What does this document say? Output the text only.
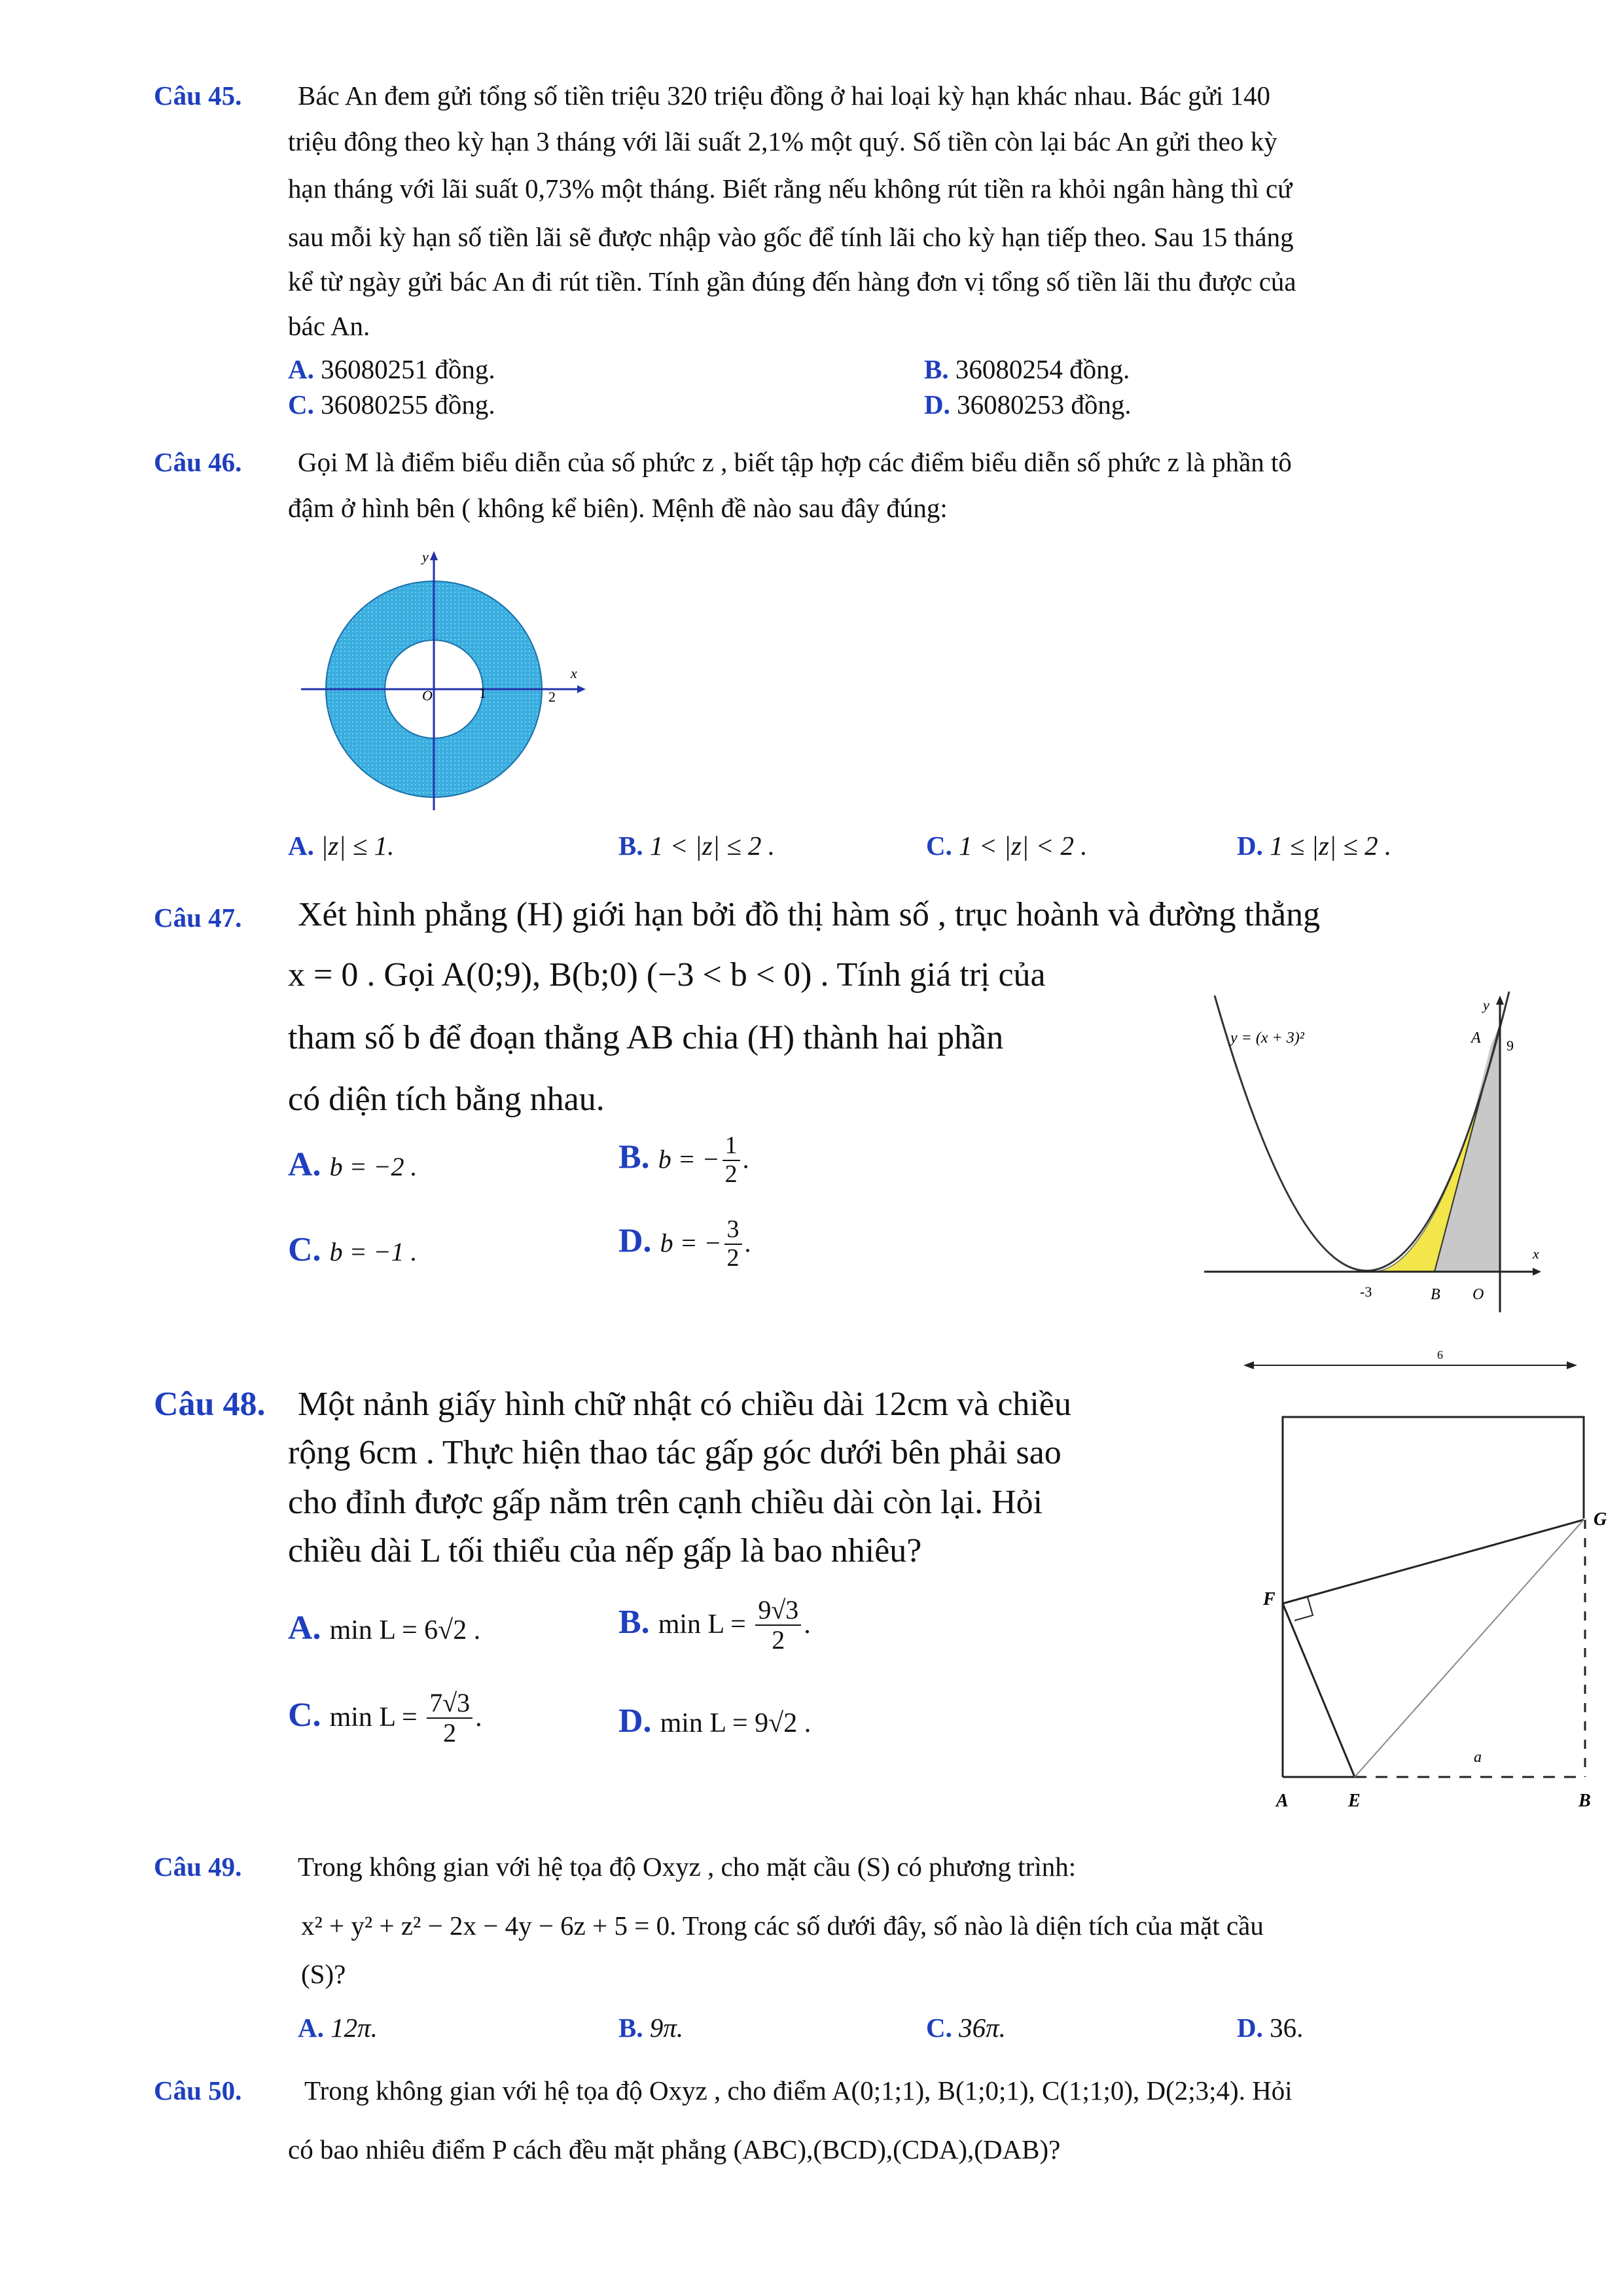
Câu 45. Bác An đem gửi tổng số tiền triệu 320 triệu đồng ở hai loại kỳ hạn khác nhau. Bác gửi 140
triệu đông theo kỳ hạn 3 tháng với lãi suất 2,1% một quý. Số tiền còn lại bác An gửi theo kỳ
hạn tháng với lãi suất 0,73% một tháng. Biết rằng nếu không rút tiền ra khỏi ngân hàng thì cứ
sau mỗi kỳ hạn số tiền lãi sẽ được nhập vào gốc để tính lãi cho kỳ hạn tiếp theo. Sau 15 tháng
kể từ ngày gửi bác An đi rút tiền. Tính gần đúng đến hàng đơn vị tổng số tiền lãi thu được của
bác An.
A. 36080251 đồng.	B. 36080254 đồng.
C. 36080255 đồng.	D. 36080253 đồng.
Câu 46. Gọi M là điểm biểu diễn của số phức z , biết tập hợp các điểm biểu diễn số phức z là phần tô
đậm ở hình bên ( không kể biên). Mệnh đề nào sau đây đúng:
y
x
O	1	2
A. |z| ≤ 1.	B. 1 < |z| ≤ 2 .	C. 1 < |z| < 2 .	D. 1 ≤ |z| ≤ 2 .
Câu 47. Xét hình phẳng (H) giới hạn bởi đồ thị hàm số , trục hoành và đường thẳng
x = 0 . Gọi A(0;9), B(b;0) (−3 < b < 0) . Tính giá trị của
tham số b để đoạn thẳng AB chia (H) thành hai phần
có diện tích bằng nhau.
A. b = −2 .	B. b = − $\frac{1}{2}$ .
C. b = −1 .	D. b = − $\frac{3}{2}$ .
y = (x + 3)²
y
A 9
x
-3	B O
Câu 48. Một nảnh giấy hình chữ nhật có chiều dài 12cm và chiều
rộng 6cm . Thực hiện thao tác gấp góc dưới bên phải sao
cho đỉnh được gấp nằm trên cạnh chiều dài còn lại. Hỏi
chiều dài L tối thiểu của nếp gấp là bao nhiêu?
A. min L = 6√2 .	B. $\min L = \frac{9√3}{2}$ .
C. $\min L = \frac{7√3}{2}$ .	D. min L = 9√2 .
6
G
F
A	E	B
a
Câu 49. Trong không gian với hệ tọa độ Oxyz , cho mặt cầu (S) có phương trình:
x² + y² + z² − 2x − 4y − 6z + 5 = 0. Trong các số dưới đây, số nào là diện tích của mặt cầu
(S)?
A. 12π.	B. 9π.	C. 36π.	D. 36.
Câu 50. Trong không gian với hệ tọa độ Oxyz , cho điểm A(0;1;1), B(1;0;1), C(1;1;0), D(2;3;4). Hỏi
có bao nhiêu điểm P cách đều mặt phẳng (ABC),(BCD),(CDA),(DAB)?
